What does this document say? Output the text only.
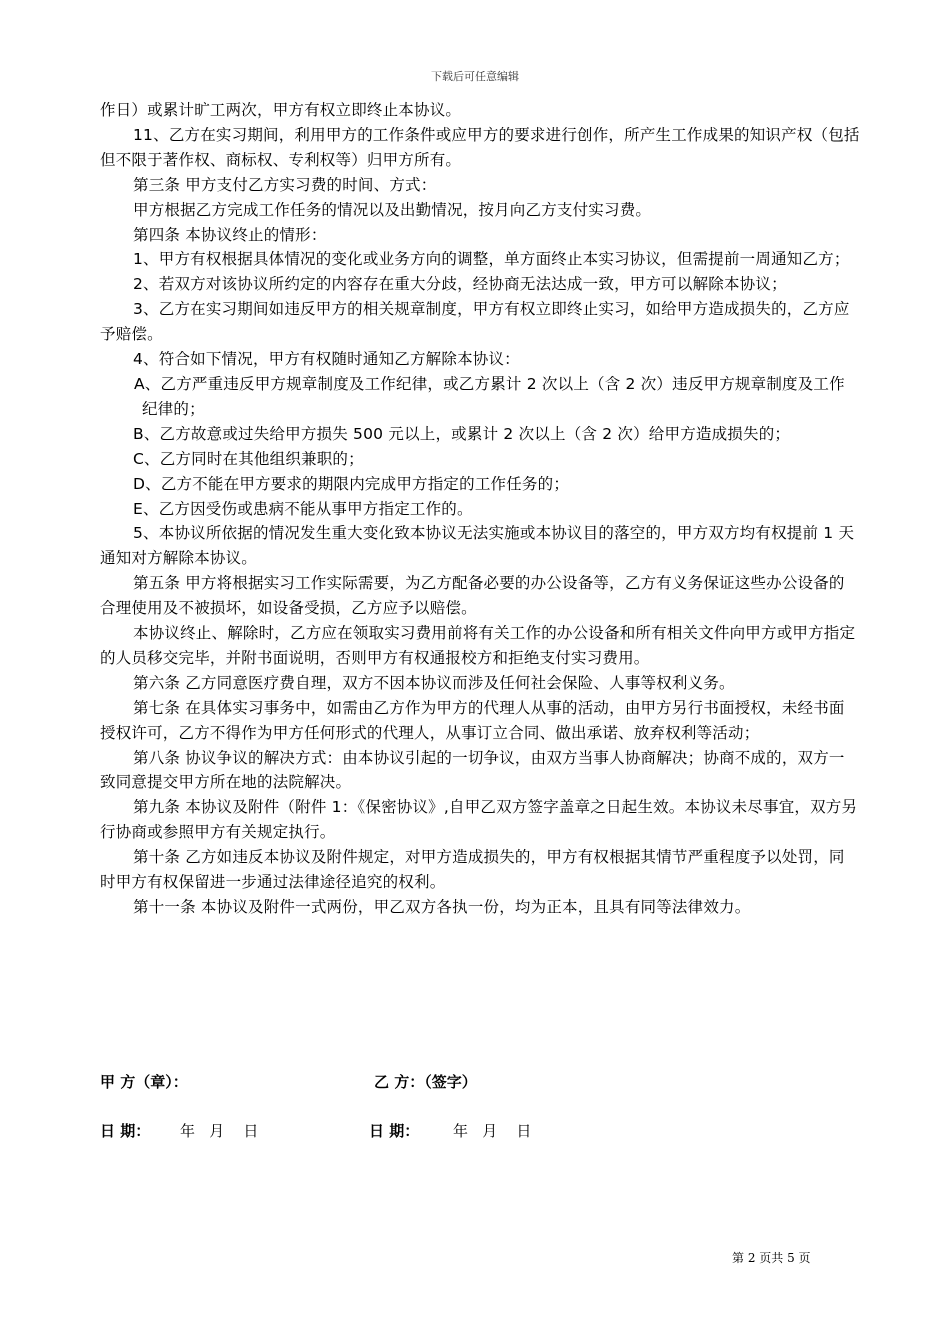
下载后可任意编辑

作日）或累计旷工两次，甲方有权立即终止本协议。

11、乙方在实习期间，利用甲方的工作条件或应甲方的要求进行创作，所产生工作成果的知识产权（包括但不限于著作权、商标权、专利权等）归甲方所有。

第三条 甲方支付乙方实习费的时间、方式：

甲方根据乙方完成工作任务的情况以及出勤情况，按月向乙方支付实习费。

第四条 本协议终止的情形：

1、甲方有权根据具体情况的变化或业务方向的调整，单方面终止本实习协议，但需提前一周通知乙方；

2、若双方对该协议所约定的内容存在重大分歧，经协商无法达成一致，甲方可以解除本协议；

3、乙方在实习期间如违反甲方的相关规章制度，甲方有权立即终止实习，如给甲方造成损失的，乙方应予赔偿。

4、符合如下情况，甲方有权随时通知乙方解除本协议：

A、乙方严重违反甲方规章制度及工作纪律，或乙方累计 2 次以上（含 2 次）违反甲方规章制度及工作纪律的；

B、乙方故意或过失给甲方损失 500 元以上，或累计 2 次以上（含 2 次）给甲方造成损失的；

C、乙方同时在其他组织兼职的；

D、乙方不能在甲方要求的期限内完成甲方指定的工作任务的；

E、乙方因受伤或患病不能从事甲方指定工作的。

5、本协议所依据的情况发生重大变化致本协议无法实施或本协议目的落空的，甲方双方均有权提前 1 天通知对方解除本协议。

第五条 甲方将根据实习工作实际需要，为乙方配备必要的办公设备等，乙方有义务保证这些办公设备的合理使用及不被损坏，如设备受损，乙方应予以赔偿。

本协议终止、解除时，乙方应在领取实习费用前将有关工作的办公设备和所有相关文件向甲方或甲方指定的人员移交完毕，并附书面说明，否则甲方有权通报校方和拒绝支付实习费用。

第六条 乙方同意医疗费自理，双方不因本协议而涉及任何社会保险、人事等权利义务。

第七条 在具体实习事务中，如需由乙方作为甲方的代理人从事的活动，由甲方另行书面授权，未经书面授权许可，乙方不得作为甲方任何形式的代理人，从事订立合同、做出承诺、放弃权利等活动；

第八条 协议争议的解决方式：由本协议引起的一切争议，由双方当事人协商解决；协商不成的，双方一致同意提交甲方所在地的法院解决。

第九条 本协议及附件（附件 1：《保密协议》,自甲乙双方签字盖章之日起生效。本协议未尽事宜，双方另行协商或参照甲方有关规定执行。

第十条 乙方如违反本协议及附件规定，对甲方造成损失的，甲方有权根据其情节严重程度予以处罚，同时甲方有权保留进一步通过法律途径追究的权利。

第十一条 本协议及附件一式两份，甲乙双方各执一份，均为正本，且具有同等法律效力。

甲 方（章）：	乙 方：（签字）
日 期： 年   月    日	日 期： 年   月    日
第 2 页共 5 页
